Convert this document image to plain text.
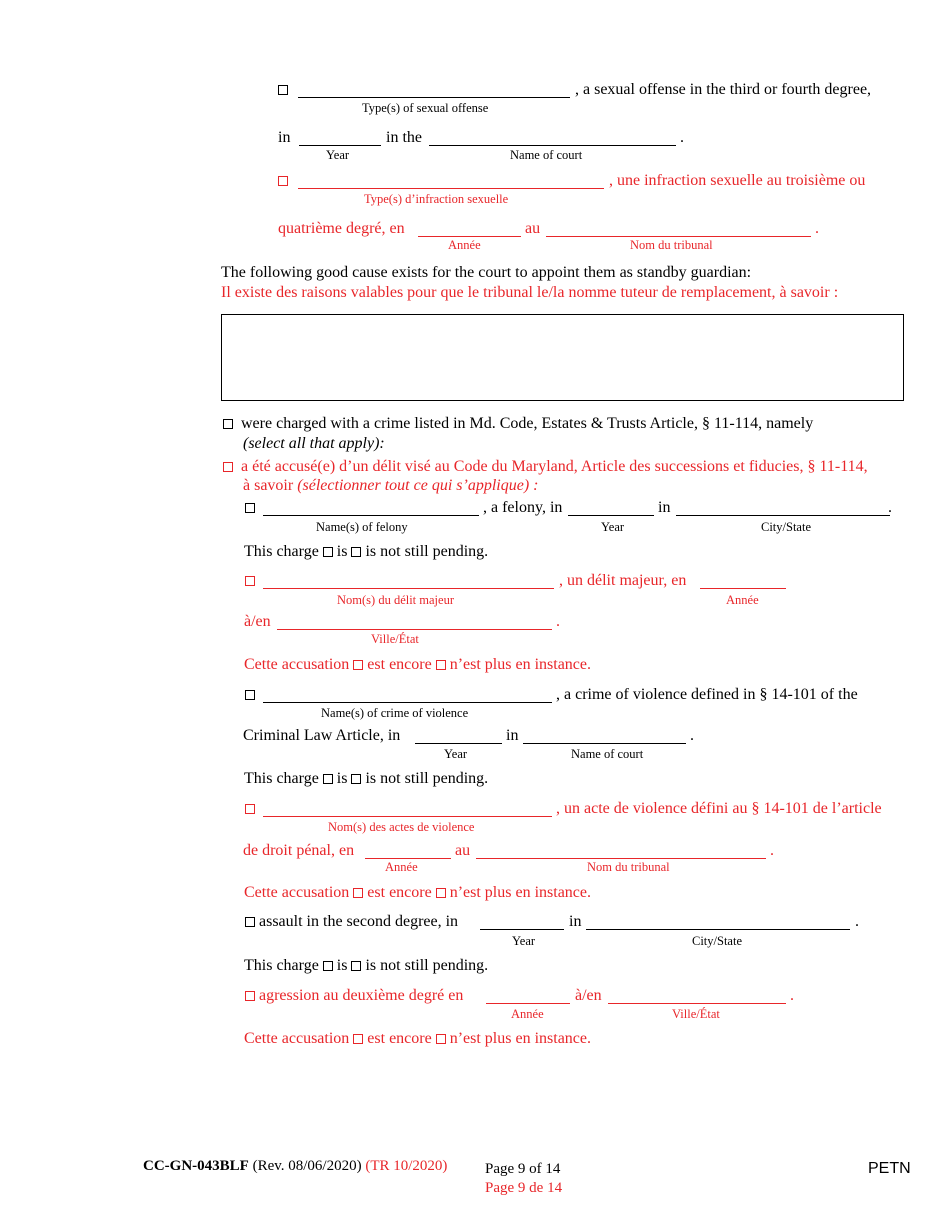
, a sexual offense in the third or fourth degree,
Type(s) of sexual offense
in	in the	.
Year	Name of court
, une infraction sexuelle au troisième ou
Type(s) d’infraction sexuelle
quatrième degré, en	au	.
Année	Nom du tribunal
The following good cause exists for the court to appoint them as standby guardian:
Il existe des raisons valables pour que le tribunal le/la nomme tuteur de remplacement, à savoir :
were charged with a crime listed in Md. Code, Estates & Trusts Article, § 11-114, namely
(select all that apply):
a été accusé(e) d’un délit visé au Code du Maryland, Article des successions et fiducies, § 11-114,
à savoir (sélectionner tout ce qui s’applique) :
, a felony, in	in	.
Name(s) of felony	Year	City/State
This charge is is not still pending.
, un délit majeur, en
Nom(s) du délit majeur	Année
à/en	.
Ville/État
Cette accusation est encore n’est plus en instance.
, a crime of violence defined in § 14-101 of the
Name(s) of crime of violence
Criminal Law Article, in	in	.
Year	Name of court
This charge is is not still pending.
, un acte de violence défini au § 14-101 de l’article
Nom(s) des actes de violence
de droit pénal, en	au	.
Année	Nom du tribunal
Cette accusation est encore n’est plus en instance.
assault in the second degree, in	in	.
Year	City/State
This charge is is not still pending.
agression au deuxième degré en	à/en	.
Année	Ville/État
Cette accusation est encore n’est plus en instance.
CC-GN-043BLF (Rev. 08/06/2020) (TR 10/2020)	Page 9 of 14
Page 9 de 14
PETN
